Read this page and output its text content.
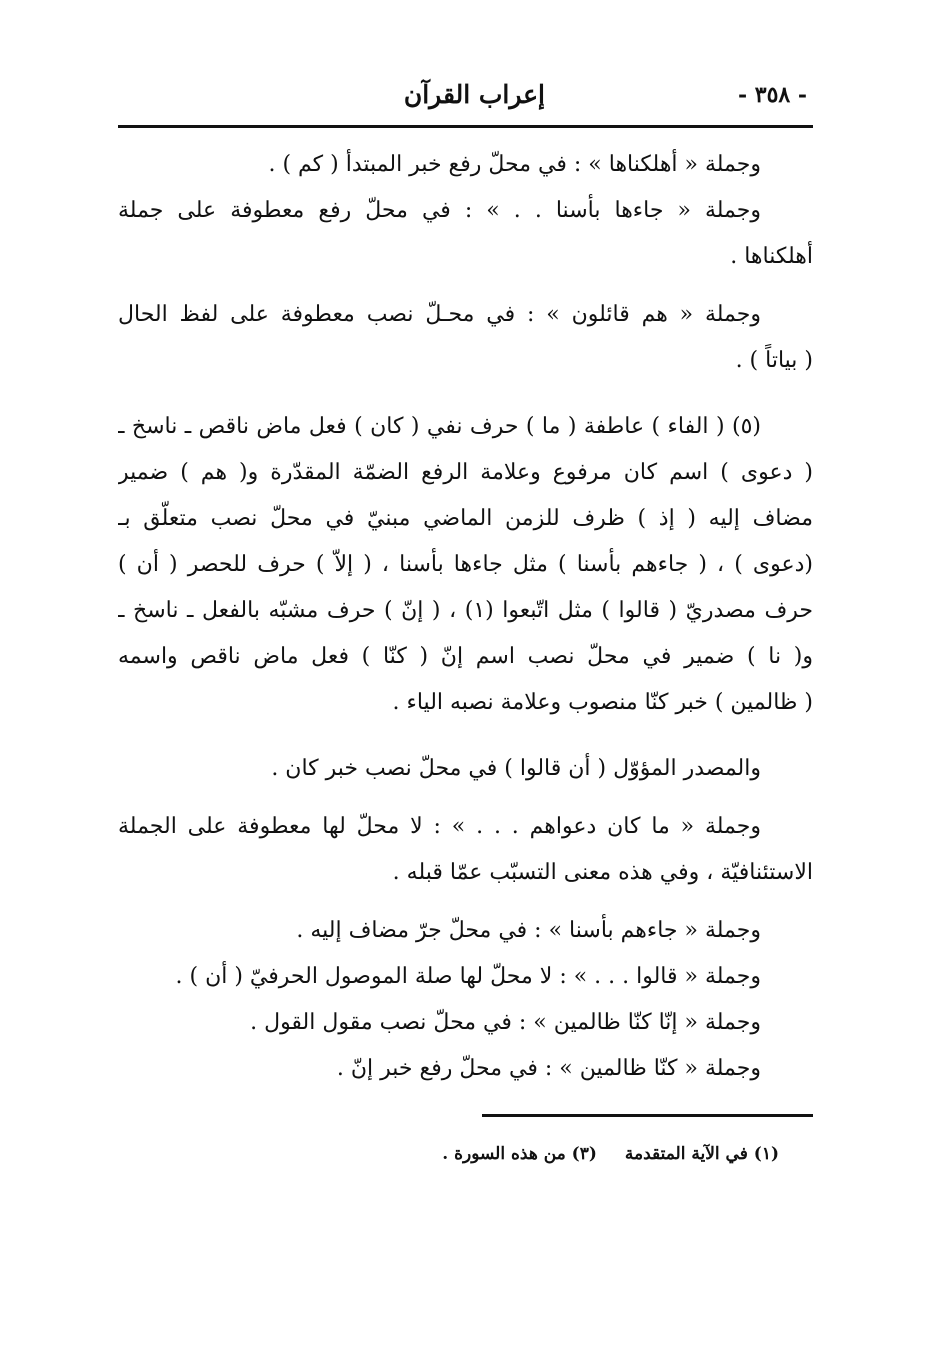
- ٣٥٨ -
إعراب القرآن
وجملة « أهلكناها » : في محلّ رفع خبر المبتدأ ( كم ) .
وجملة « جاءها بأسنا . . » : في محلّ رفع معطوفة على جملة
أهلكناها .
وجملة « هم قائلون » : في محـلّ نصب معطوفة على لفظ الحال
( بياتاً ) .
(٥) ( الفاء ) عاطفة ( ما ) حرف نفي ( كان ) فعل ماض ناقص ـ ناسخ ـ
( دعوى ) اسم كان مرفوع وعلامة الرفع الضمّة المقدّرة و( هم ) ضمير
مضاف إليه ( إذ ) ظرف للزمن الماضي مبنيّ في محلّ نصب متعلّق بـ
(دعوى ) ، ( جاءهم بأسنا ) مثل جاءها بأسنا ، ( إلاّ ) حرف للحصر ( أن )
حرف مصدريّ ( قالوا ) مثل اتّبعوا (١) ، ( إنّ ) حرف مشبّه بالفعل ـ ناسخ ـ
و( نا ) ضمير في محلّ نصب اسم إنّ ( كنّا ) فعل ماض ناقص واسمه
( ظالمين ) خبر كنّا منصوب وعلامة نصبه الياء .
والمصدر المؤوّل ( أن قالوا ) في محلّ نصب خبر كان .
وجملة « ما كان دعواهم . . . » : لا محلّ لها معطوفة على الجملة
الاستئنافيّة ، وفي هذه معنى التسبّب عمّا قبله .
وجملة « جاءهم بأسنا » : في محلّ جرّ مضاف إليه .
وجملة « قالوا . . . » : لا محلّ لها صلة الموصول الحرفيّ ( أن ) .
وجملة « إنّا كنّا ظالمين » : في محلّ نصب مقول القول .
وجملة « كنّا ظالمين » : في محلّ رفع خبر إنّ .
(١) في الآية المتقدمة (٣) من هذه السورة .
